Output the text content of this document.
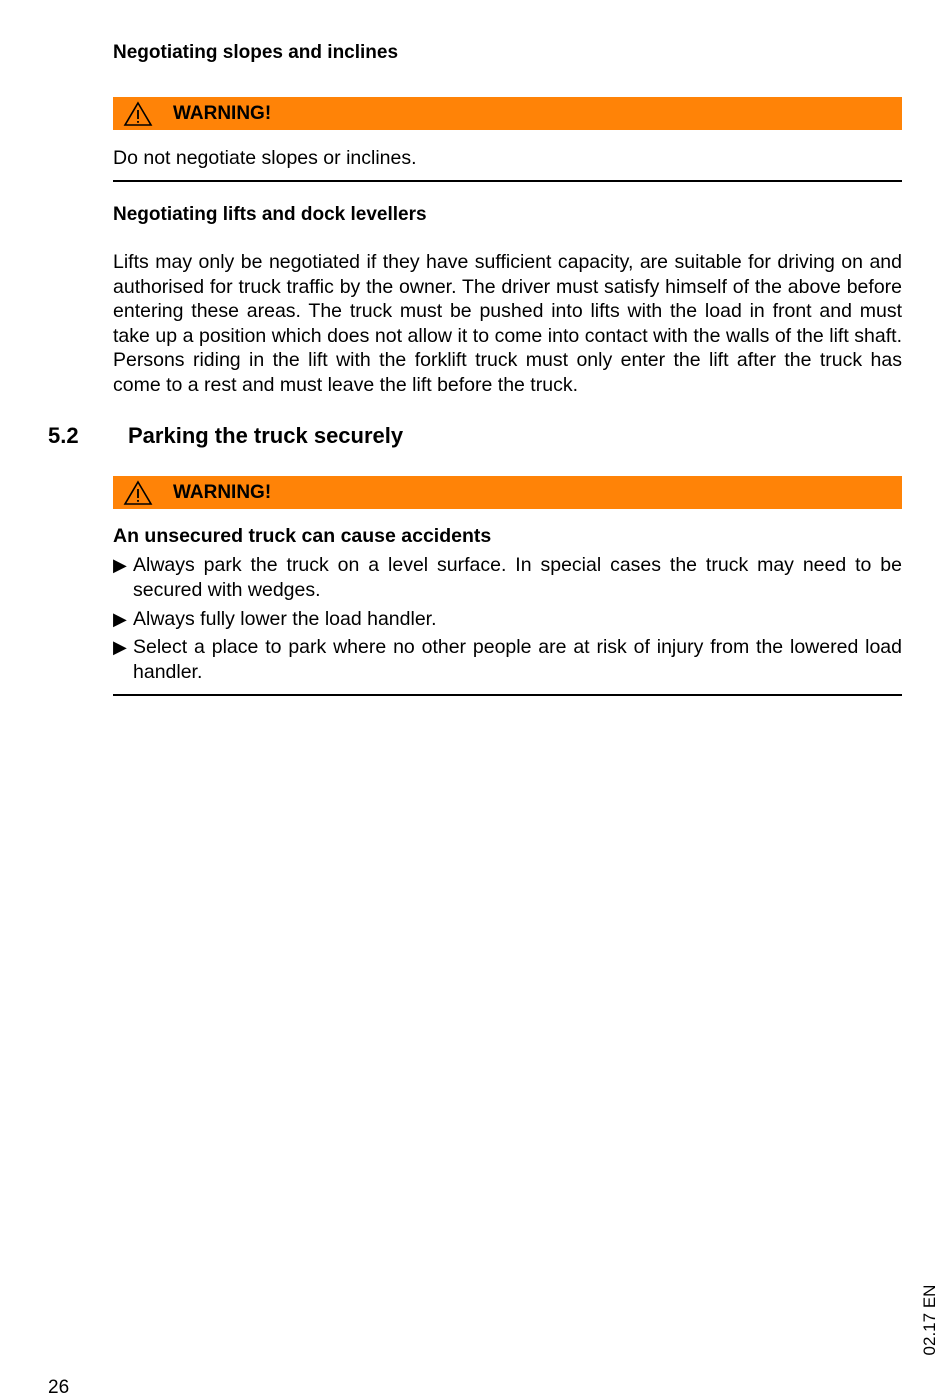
Negotiating slopes and inclines
WARNING!
Do not negotiate slopes or inclines.
Negotiating lifts and dock levellers
Lifts may only be negotiated if they have sufficient capacity, are suitable for driving on and authorised for truck traffic by the owner. The driver must satisfy himself of the above before entering these areas. The truck must be pushed into lifts with the load in front and must take up a position which does not allow it to come into contact with the walls of the lift shaft. Persons riding in the lift with the forklift truck must only enter the lift after the truck has come to a rest and must leave the lift before the truck.
5.2 Parking the truck securely
WARNING!
An unsecured truck can cause accidents
▶ Always park the truck on a level surface. In special cases the truck may need to be secured with wedges.
▶ Always fully lower the load handler.
▶ Select a place to park where no other people are at risk of injury from the lowered load handler.
02.17 EN
26
